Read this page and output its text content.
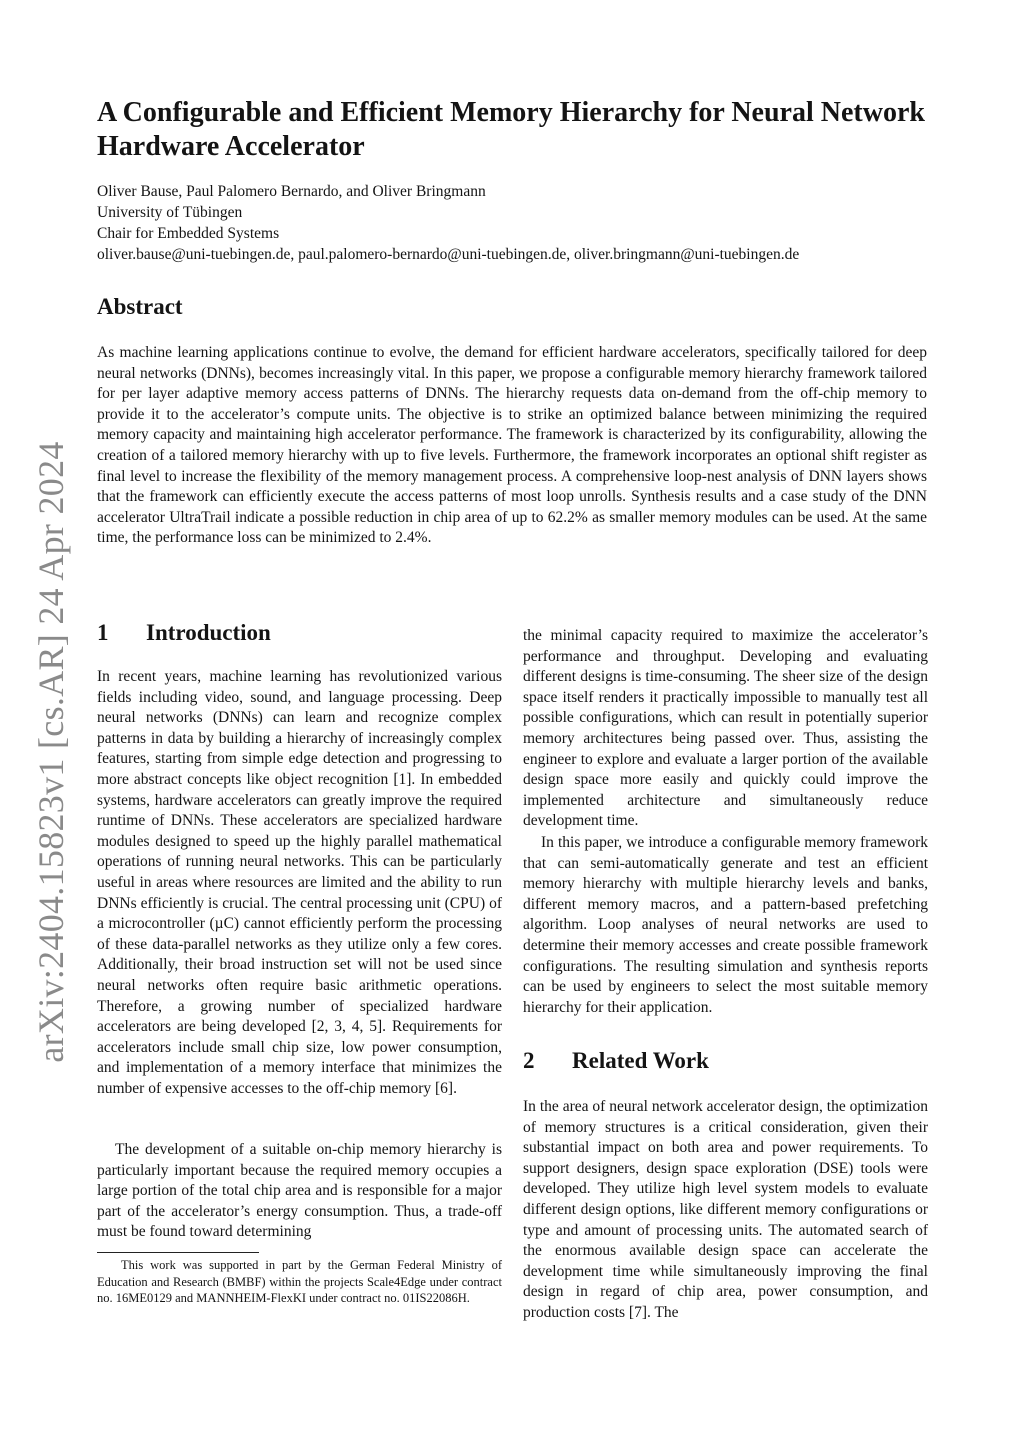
arXiv:2404.15823v1 [cs.AR] 24 Apr 2024
A Configurable and Efficient Memory Hierarchy for Neural Network Hardware Accelerator
Oliver Bause, Paul Palomero Bernardo, and Oliver Bringmann
University of Tübingen
Chair for Embedded Systems
oliver.bause@uni-tuebingen.de, paul.palomero-bernardo@uni-tuebingen.de, oliver.bringmann@uni-tuebingen.de
Abstract

As machine learning applications continue to evolve, the demand for efficient hardware accelerators, specifically tailored for deep neural networks (DNNs), becomes increasingly vital. In this paper, we propose a configurable memory hierarchy framework tailored for per layer adaptive memory access patterns of DNNs. The hierarchy requests data on-demand from the off-chip memory to provide it to the accelerator’s compute units. The objective is to strike an optimized balance between minimizing the required memory capacity and maintaining high accelerator performance. The framework is characterized by its configurability, allowing the creation of a tailored memory hierarchy with up to five levels. Furthermore, the framework incorporates an optional shift register as final level to increase the flexibility of the memory management process. A comprehensive loop-nest analysis of DNN layers shows that the framework can efficiently execute the access patterns of most loop unrolls. Synthesis results and a case study of the DNN accelerator UltraTrail indicate a possible reduction in chip area of up to 62.2% as smaller memory modules can be used. At the same time, the performance loss can be minimized to 2.4%.

1 Introduction

In recent years, machine learning has revolutionized various fields including video, sound, and language processing. Deep neural networks (DNNs) can learn and recognize complex patterns in data by building a hierarchy of increasingly complex features, starting from simple edge detection and progressing to more abstract concepts like object recognition [1]. In embedded systems, hardware accelerators can greatly improve the required runtime of DNNs. These accelerators are specialized hardware modules designed to speed up the highly parallel mathematical operations of running neural networks. This can be particularly useful in areas where resources are limited and the ability to run DNNs efficiently is crucial. The central processing unit (CPU) of a microcontroller (µC) cannot efficiently perform the processing of these data-parallel networks as they utilize only a few cores. Additionally, their broad instruction set will not be used since neural networks often require basic arithmetic operations. Therefore, a growing number of specialized hardware accelerators are being developed [2, 3, 4, 5]. Requirements for accelerators include small chip size, low power consumption, and implementation of a memory interface that minimizes the number of expensive accesses to the off-chip memory [6].

The development of a suitable on-chip memory hierarchy is particularly important because the required memory occupies a large portion of the total chip area and is responsible for a major part of the accelerator’s energy consumption. Thus, a trade-off must be found toward determining

This work was supported in part by the German Federal Ministry of Education and Research (BMBF) within the projects Scale4Edge under contract no. 16ME0129 and MANNHEIM-FlexKI under contract no. 01IS22086H.

the minimal capacity required to maximize the accelerator’s performance and throughput. Developing and evaluating different designs is time-consuming. The sheer size of the design space itself renders it practically impossible to manually test all possible configurations, which can result in potentially superior memory architectures being passed over. Thus, assisting the engineer to explore and evaluate a larger portion of the available design space more easily and quickly could improve the implemented architecture and simultaneously reduce development time.

In this paper, we introduce a configurable memory framework that can semi-automatically generate and test an efficient memory hierarchy with multiple hierarchy levels and banks, different memory macros, and a pattern-based prefetching algorithm. Loop analyses of neural networks are used to determine their memory accesses and create possible framework configurations. The resulting simulation and synthesis reports can be used by engineers to select the most suitable memory hierarchy for their application.

2 Related Work

In the area of neural network accelerator design, the optimization of memory structures is a critical consideration, given their substantial impact on both area and power requirements. To support designers, design space exploration (DSE) tools were developed. They utilize high level system models to evaluate different design options, like different memory configurations or type and amount of processing units. The automated search of the enormous available design space can accelerate the development time while simultaneously improving the final design in regard of chip area, power consumption, and production costs [7]. The
